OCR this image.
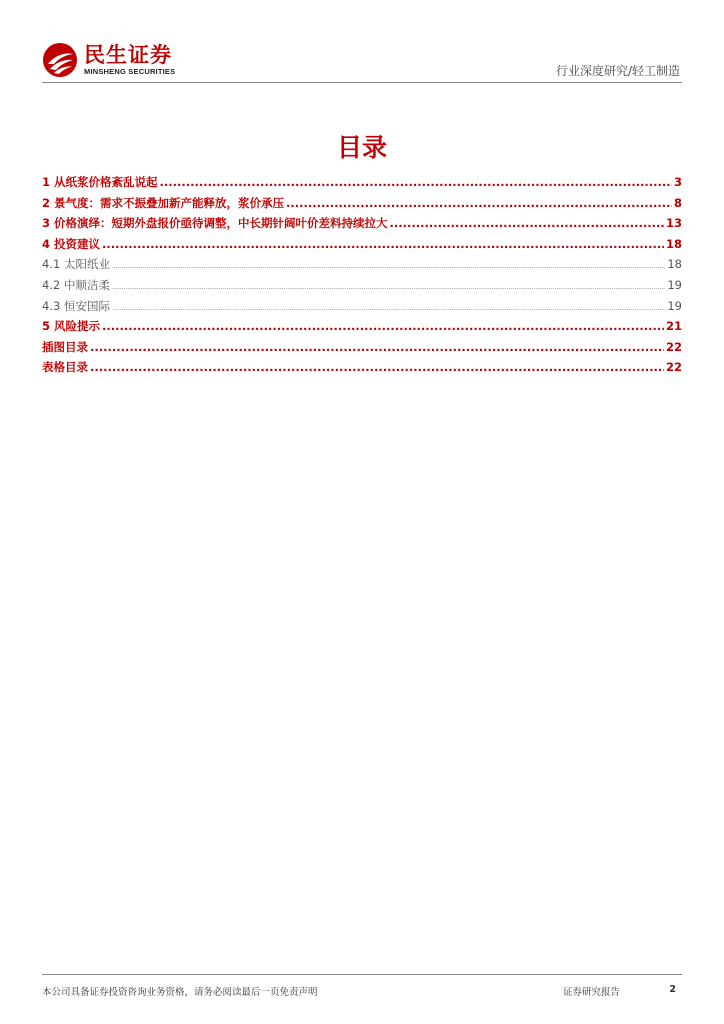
民生证券
MINSHENG SECURITIES	行业深度研究/轻工制造
目录
1 从纸浆价格紊乱说起 .....	3
2 景气度：需求不振叠加新产能释放，浆价承压 .....	8
3 价格演绎：短期外盘报价亟待调整，中长期针阔叶价差料持续拉大 .....	13
4 投资建议 .....	18
4.1 太阳纸业 .....	18
4.2 中顺洁柔 .....	19
4.3 恒安国际 .....	19
5 风险提示 .....	21
插图目录 .....	22
表格目录 .....	22
本公司具备证券投资咨询业务资格，请务必阅读最后一页免责声明	证券研究报告	2
